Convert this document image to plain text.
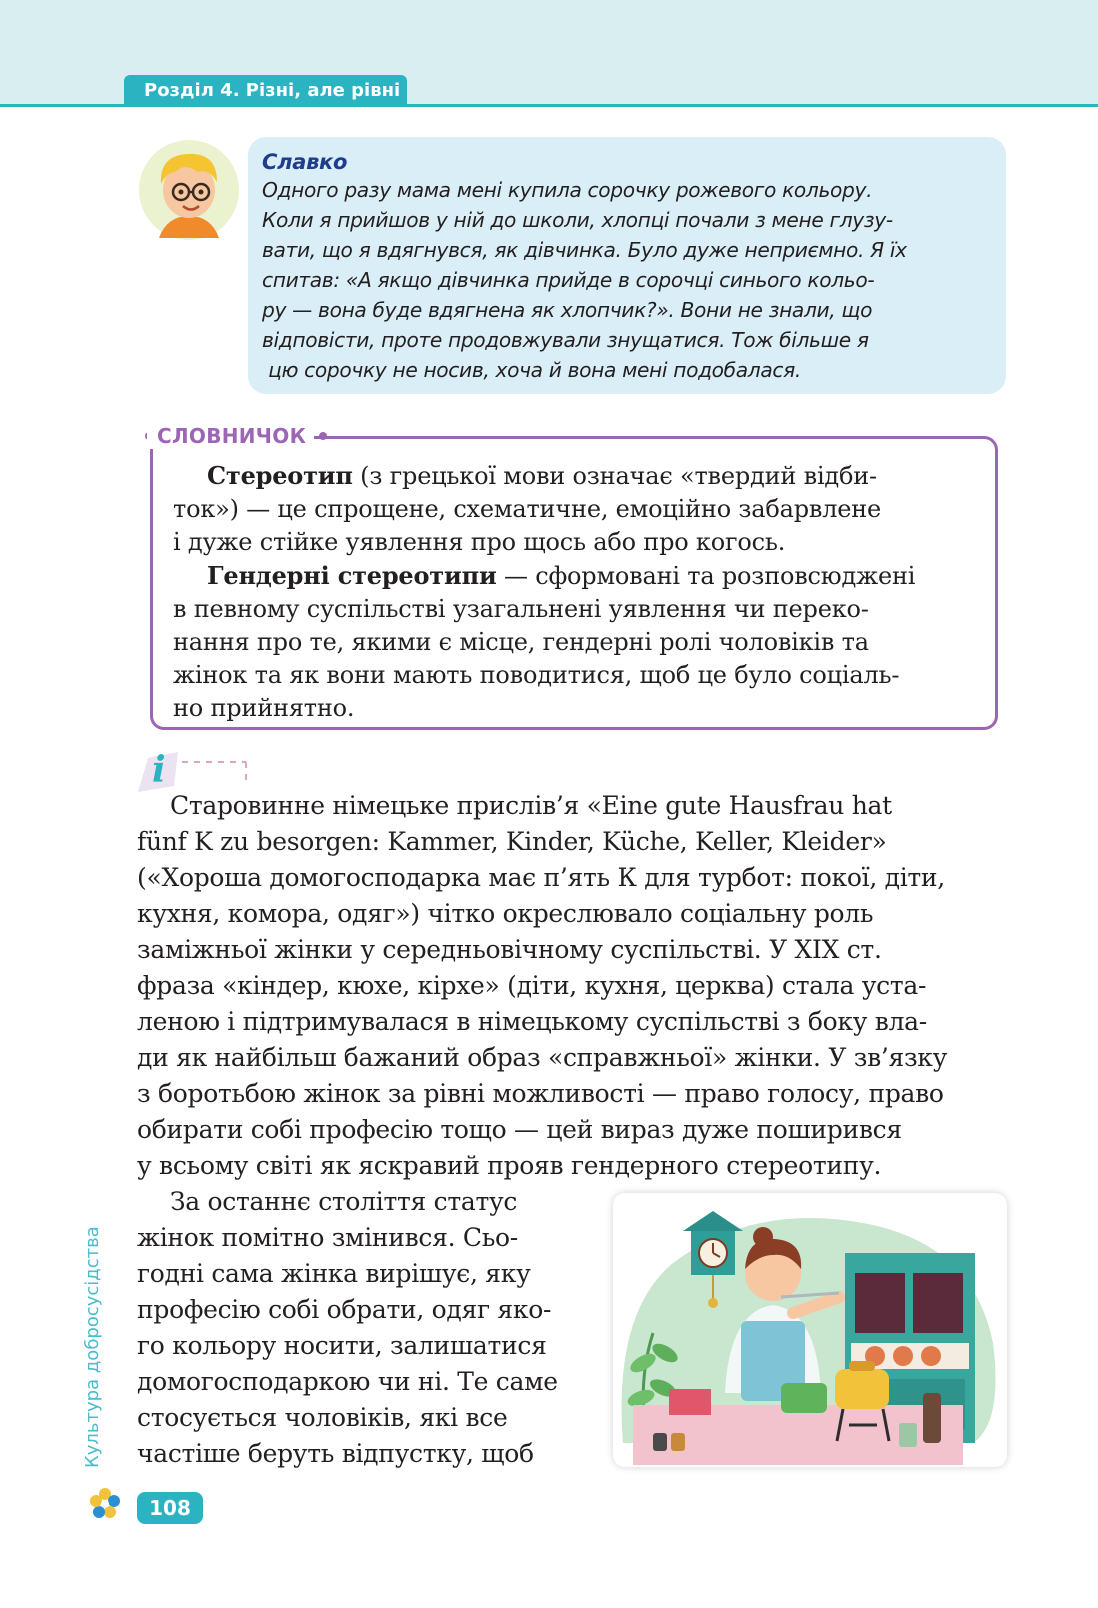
Розділ 4. Різні, але рівні
Славко
Одного разу мама мені купила сорочку рожевого кольору.
Коли я прийшов у ній до школи, хлопці почали з мене глузу-
вати, що я вдягнувся, як дівчинка. Було дуже неприємно. Я їх
спитав: «А якщо дівчинка прийде в сорочці синього кольо-
ру — вона буде вдягнена як хлопчик?». Вони не знали, що
відповісти, проте продовжували знущатися. Тож більше я
цю сорочку не носив, хоча й вона мені подобалася.
Стереотип (з грецької мови означає «твердий відби-
ток») — це спрощене, схематичне, емоційно забарвлене
і дуже стійке уявлення про щось або про когось.
Гендерні стереотипи — сформовані та розповсюджені
в певному суспільстві узагальнені уявлення чи переко-
нання про те, якими є місце, гендерні ролі чоловіків та
жінок та як вони мають поводитися, щоб це було соціаль-
но прийнятно.
СЛОВНИЧОК
i
Старовинне німецьке прислів’я «Eine gute Hausfrau hat
fünf K zu besorgen: Kammer, Kinder, Küche, Keller, Kleider»
(«Хороша домогосподарка має п’ять К для турбот: покої, діти,
кухня, комора, одяг») чітко окреслювало соціальну роль
заміжньої жінки у середньовічному суспільстві. У XIX ст.
фраза «кіндер, кюхе, кірхе» (діти, кухня, церква) стала уста-
леною і підтримувалася в німецькому суспільстві з боку вла-
ди як найбільш бажаний образ «справжньої» жінки. У зв’язку
з боротьбою жінок за рівні можливості — право голосу, право
обирати собі професію тощо — цей вираз дуже поширився
у всьому світі як яскравий прояв гендерного стереотипу.
За останнє століття статус
жінок помітно змінився. Сьо-
годні сама жінка вирішує, яку
професію собі обрати, одяг яко-
го кольору носити, залишатися
домогосподаркою чи ні. Те саме
стосується чоловіків, які все
частіше беруть відпустку, щоб
Культура добросусідства
108
